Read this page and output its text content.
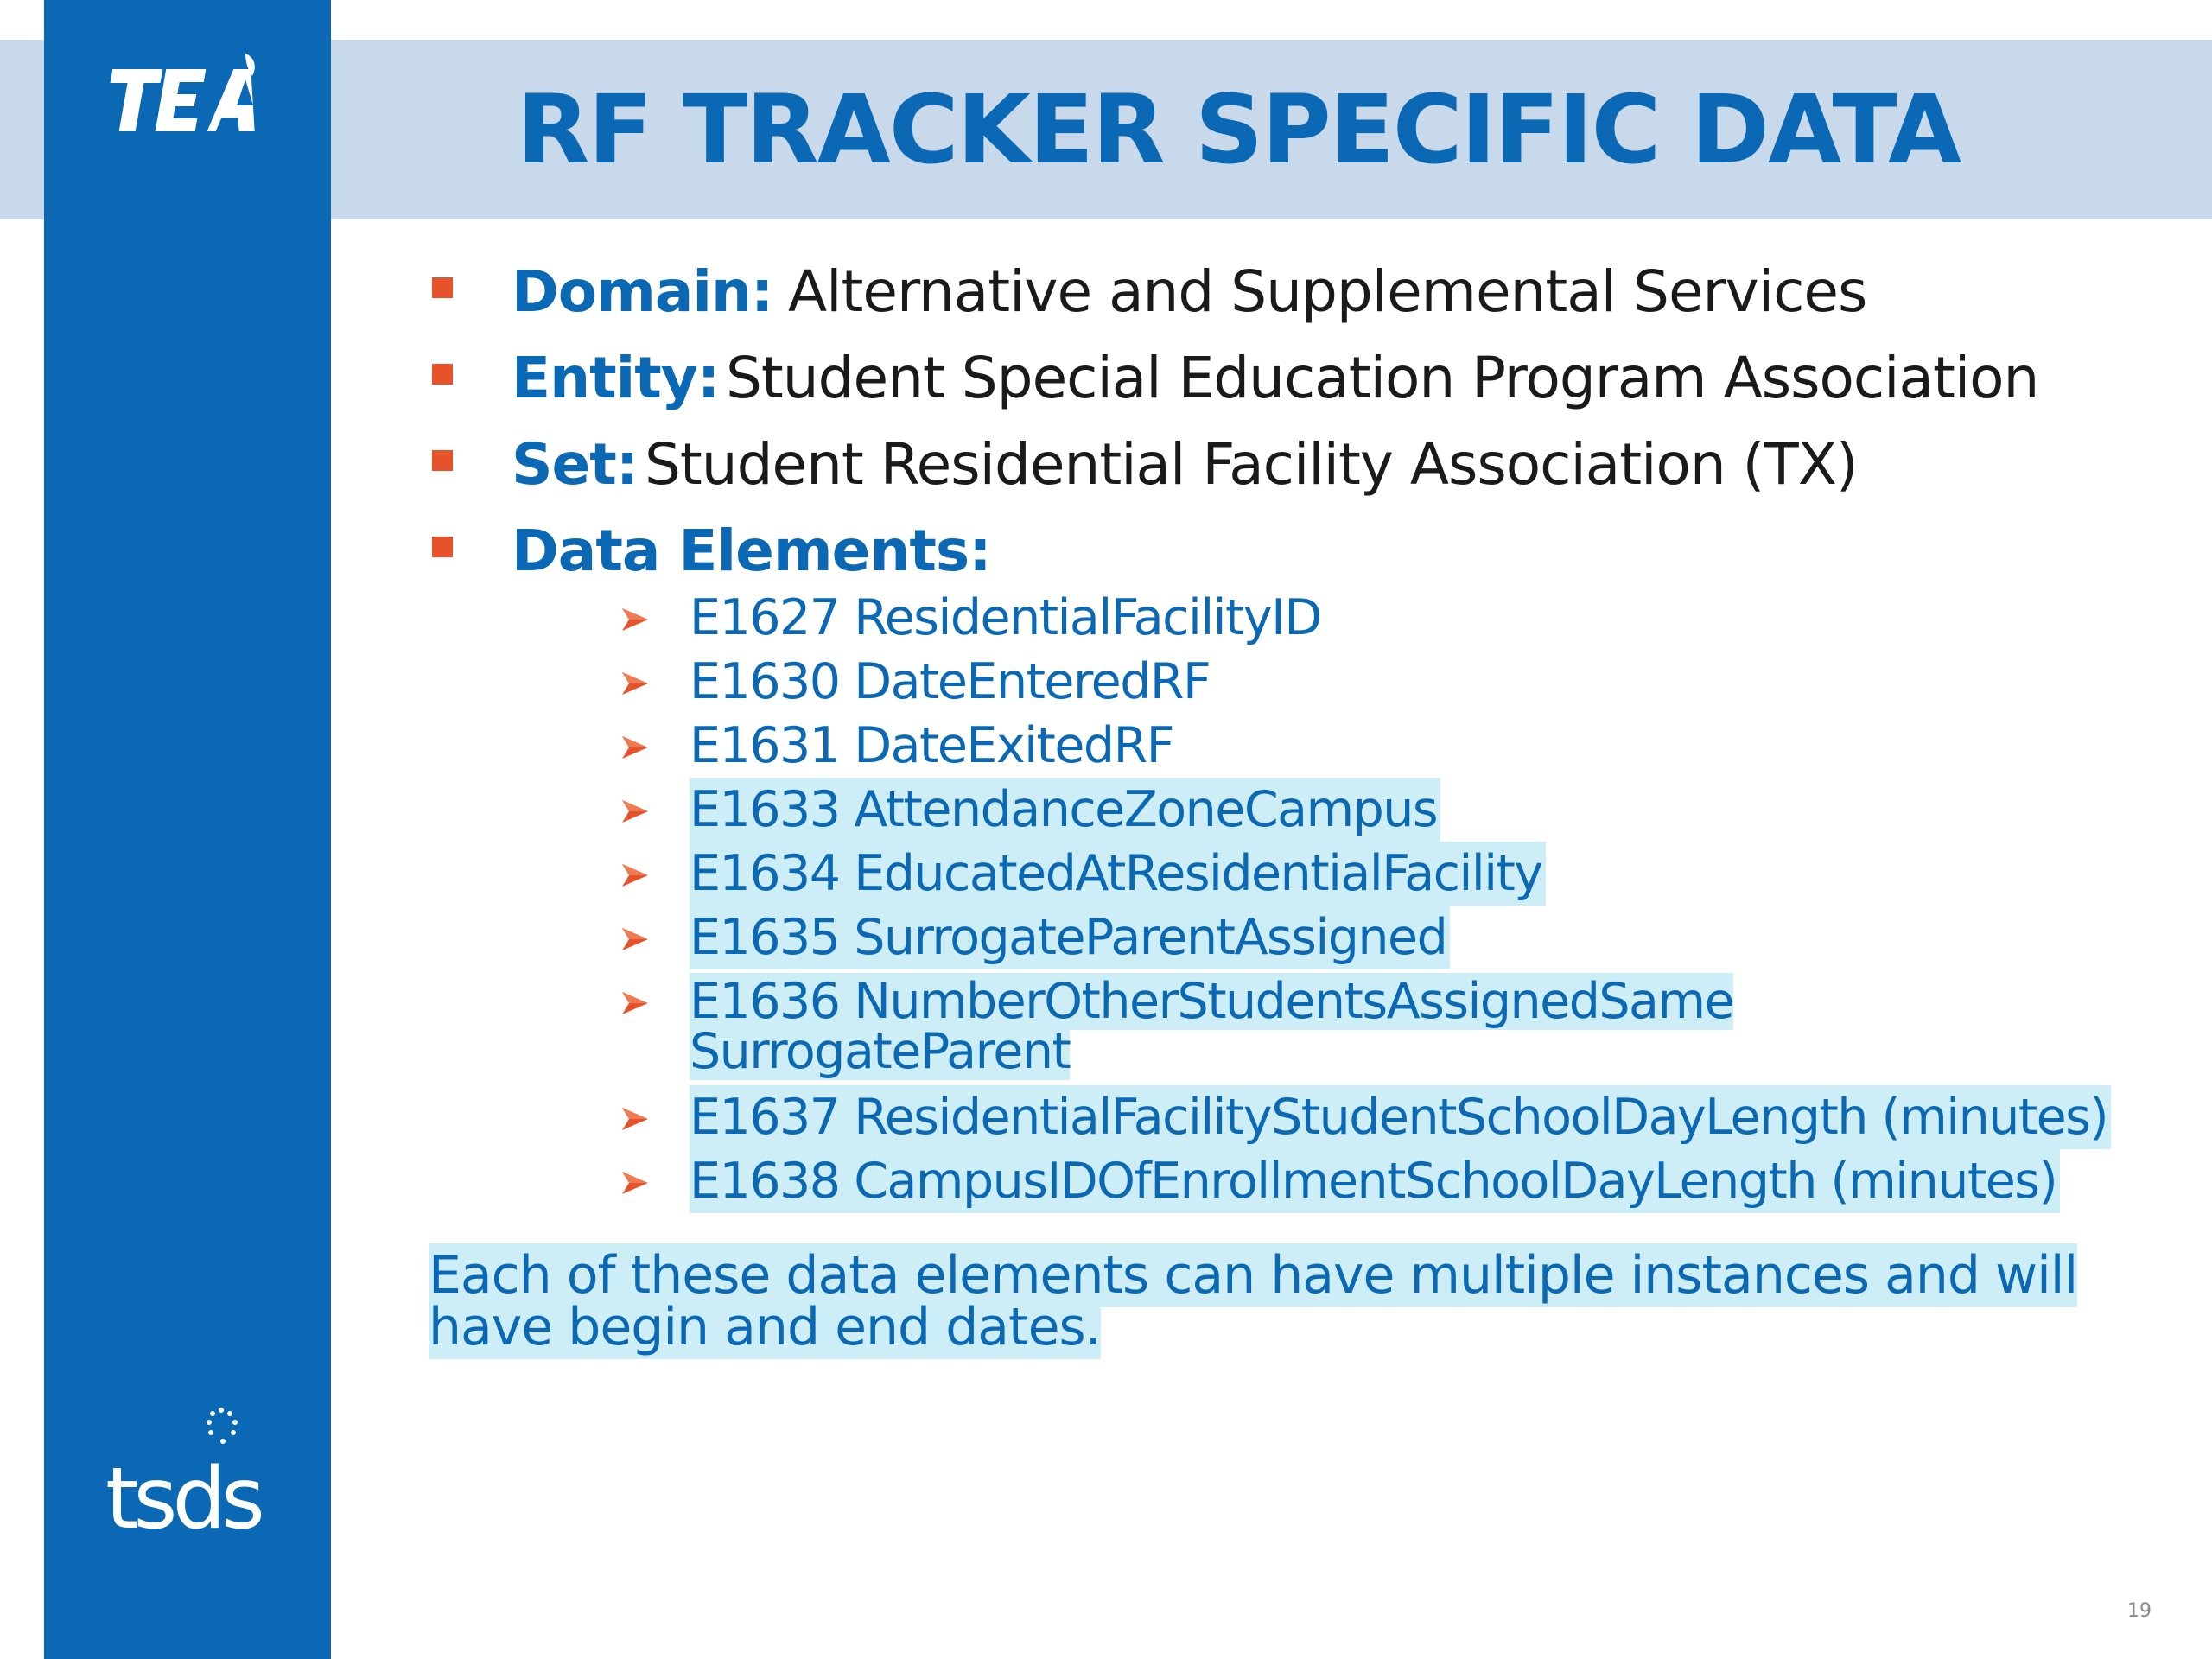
tsds
RF TRACKER SPECIFIC DATA
Domain: Alternative and Supplemental Services
Entity: Student Special Education Program Association
Set: Student Residential Facility Association (TX)
Data Elements:
E1627 ResidentialFacilityID
E1630 DateEnteredRF
E1631 DateExitedRF
E1633 AttendanceZoneCampus
E1634 EducatedAtResidentialFacility
E1635 SurrogateParentAssigned
E1636 NumberOtherStudentsAssignedSame SurrogateParent
E1637 ResidentialFacilityStudentSchoolDayLength (minutes)
E1638 CampusIDOfEnrollmentSchoolDayLength (minutes)
Each of these data elements can have multiple instances and will have begin and end dates.
19
